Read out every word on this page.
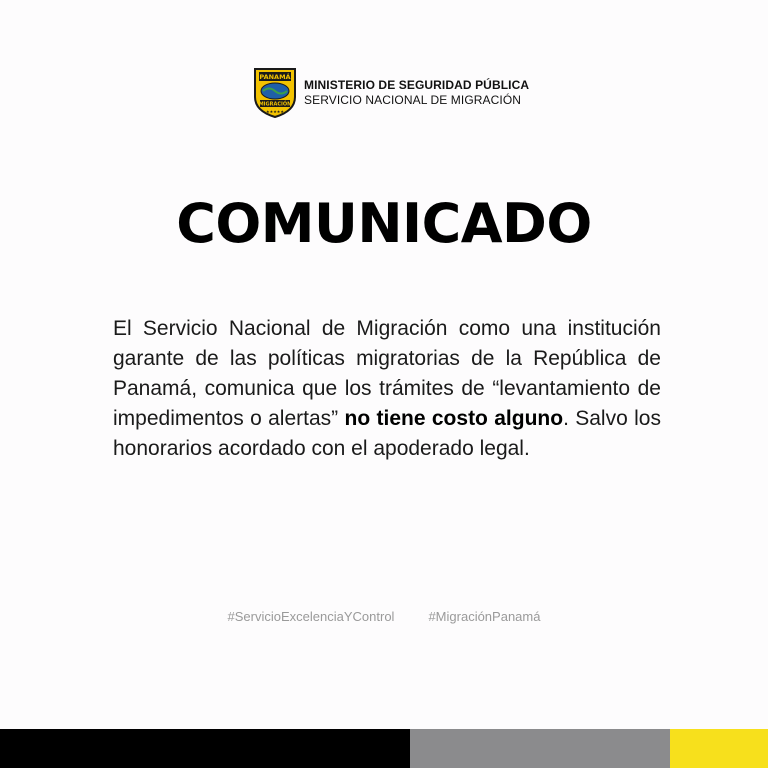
PANAMÁ
MIGRACIÓN
★★★★★
MINISTERIO DE SEGURIDAD PÚBLICA
SERVICIO NACIONAL DE MIGRACIÓN
COMUNICADO
El Servicio Nacional de Migración como una institución garante de las políticas migratorias de la República de Panamá, comunica que los trámites de “levantamiento de impedimentos o alertas” no tiene costo alguno. Salvo los honorarios acordado con el apoderado legal.
#ServicioExcelenciaYControl	#MigraciónPanamá
